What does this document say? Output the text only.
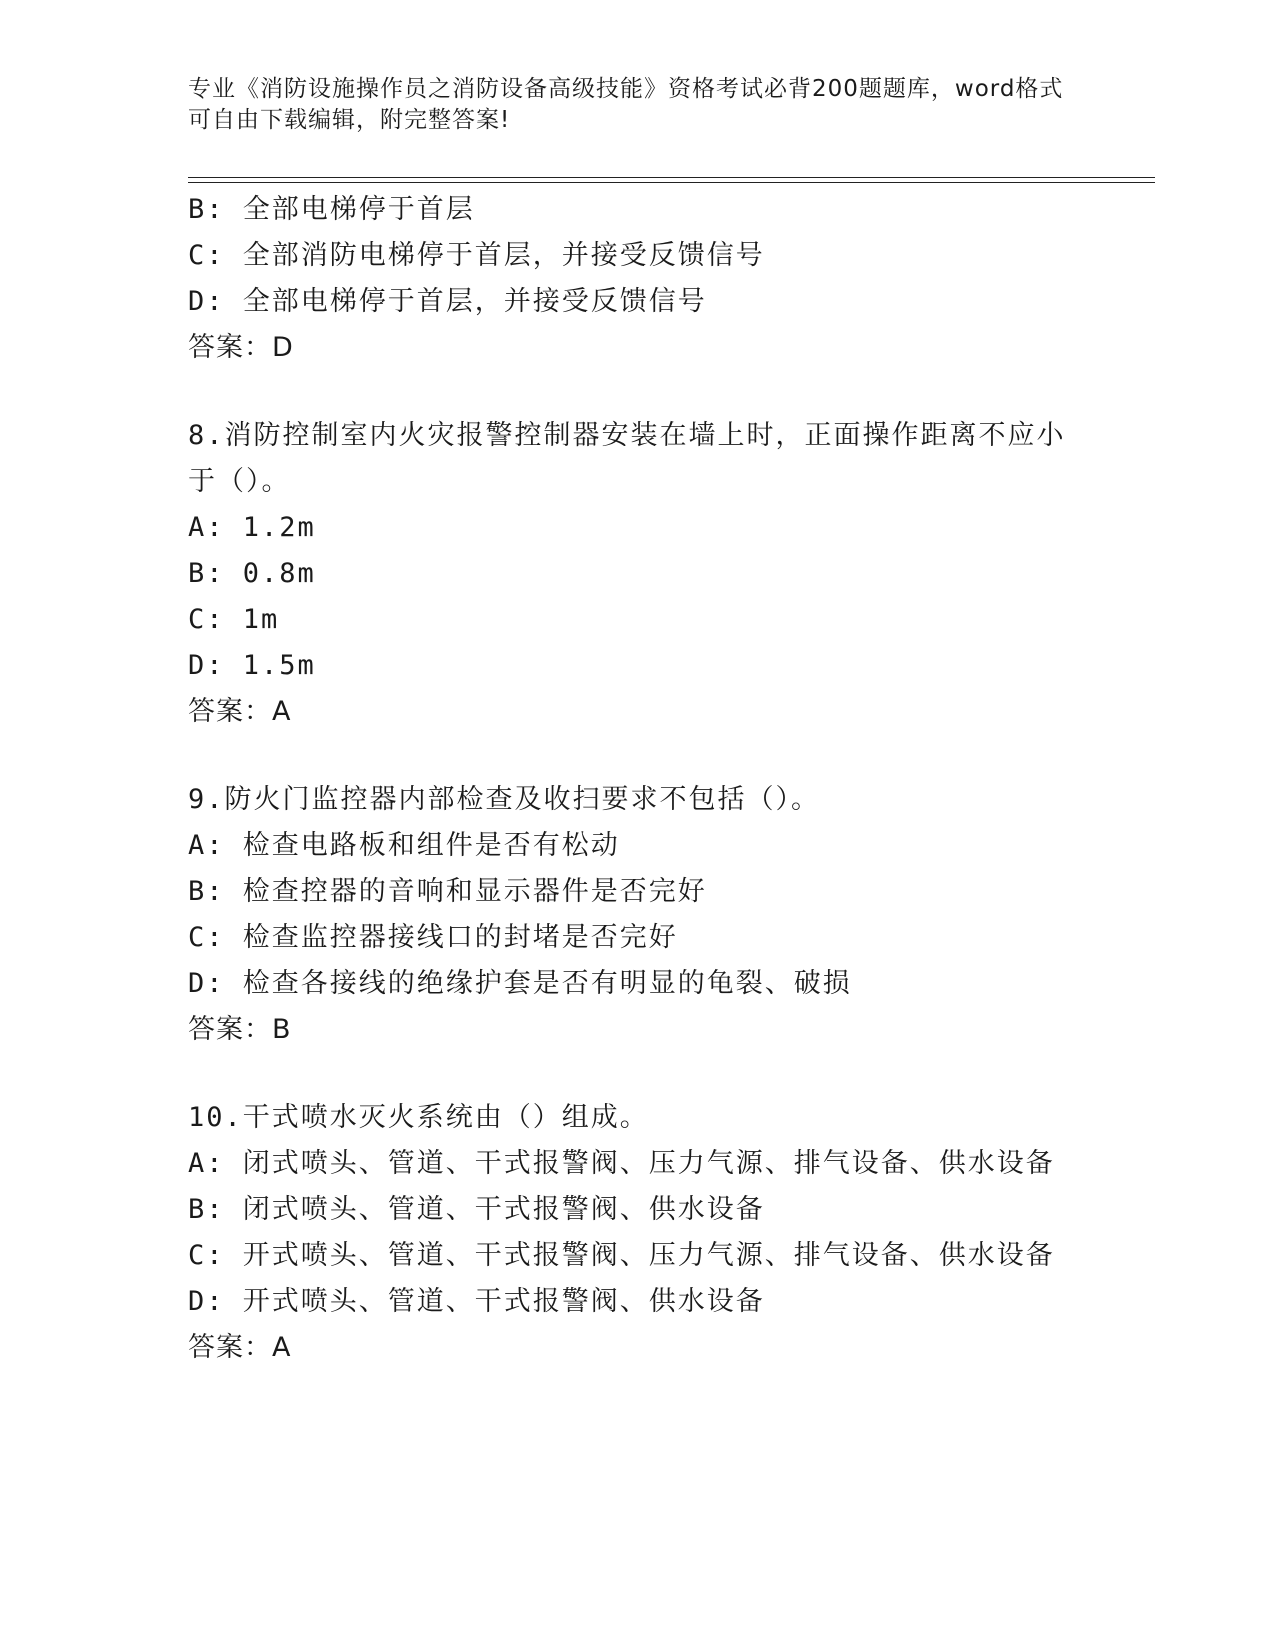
专业《消防设施操作员之消防设备高级技能》资格考试必背200题题库，word格式可自由下载编辑，附完整答案!
B: 全部电梯停于首层
C: 全部消防电梯停于首层，并接受反馈信号
D: 全部电梯停于首层，并接受反馈信号
答案：D
8.消防控制室内火灾报警控制器安装在墙上时，正面操作距离不应小于（）。
A: 1.2m
B: 0.8m
C: 1m
D: 1.5m
答案：A
9.防火门监控器内部检查及收扫要求不包括（）。
A: 检查电路板和组件是否有松动
B: 检查控器的音响和显示器件是否完好
C: 检查监控器接线口的封堵是否完好
D: 检查各接线的绝缘护套是否有明显的龟裂、破损
答案：B
10.干式喷水灭火系统由（）组成。
A: 闭式喷头、管道、干式报警阀、压力气源、排气设备、供水设备
B: 闭式喷头、管道、干式报警阀、供水设备
C: 开式喷头、管道、干式报警阀、压力气源、排气设备、供水设备
D: 开式喷头、管道、干式报警阀、供水设备
答案：A
